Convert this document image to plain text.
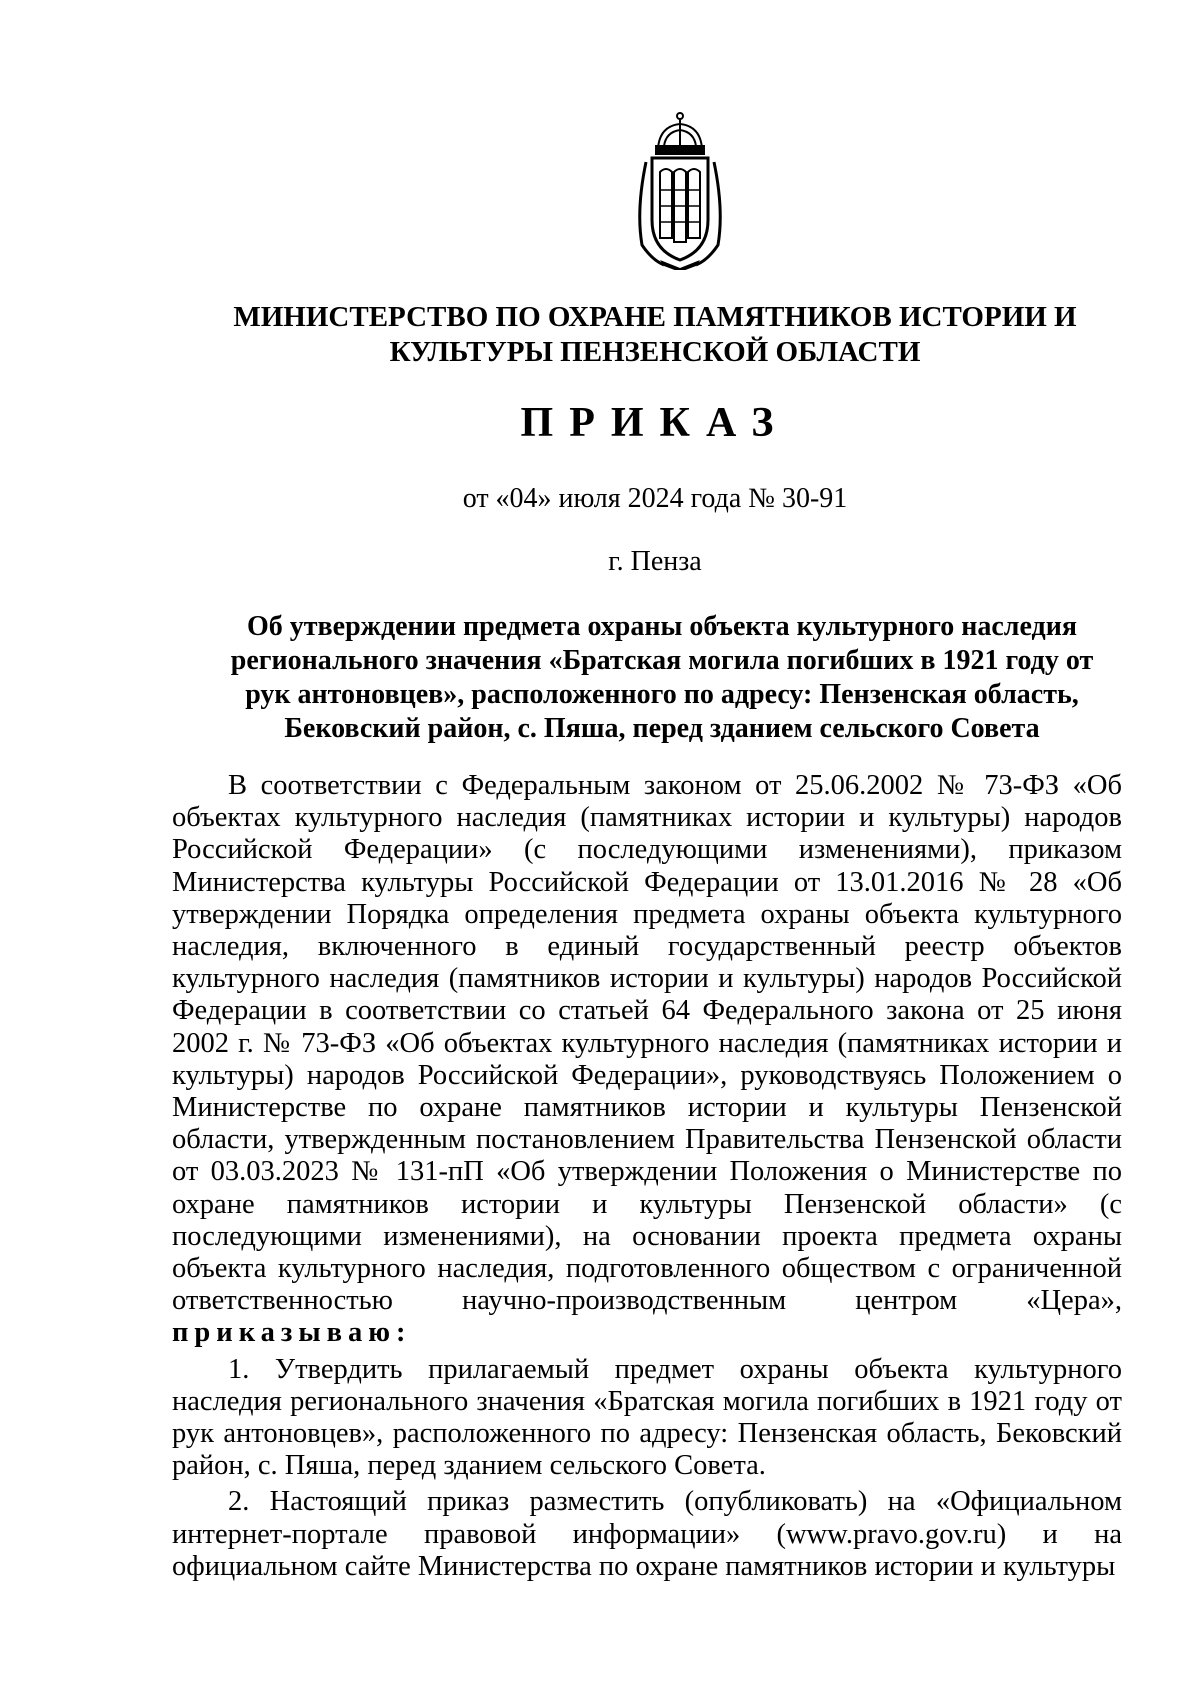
МИНИСТЕРСТВО ПО ОХРАНЕ ПАМЯТНИКОВ ИСТОРИИ И
КУЛЬТУРЫ ПЕНЗЕНСКОЙ ОБЛАСТИ
ПРИКАЗ
от «04» июля 2024 года № 30-91
г. Пенза
Об утверждении предмета охраны объекта культурного наследия регионального значения «Братская могила погибших в 1921 году от рук антоновцев», расположенного по адресу: Пензенская область, Бековский район, с. Пяша, перед зданием сельского Совета

В соответствии с Федеральным законом от 25.06.2002 № 73-ФЗ «Об объектах культурного наследия (памятниках истории и культуры) народов Российской Федерации» (с последующими изменениями), приказом Министерства культуры Российской Федерации от 13.01.2016 № 28 «Об утверждении Порядка определения предмета охраны объекта культурного наследия, включенного в единый государственный реестр объектов культурного наследия (памятников истории и культуры) народов Российской Федерации в соответствии со статьей 64 Федерального закона от 25 июня 2002 г. № 73-ФЗ «Об объектах культурного наследия (памятниках истории и культуры) народов Российской Федерации», руководствуясь Положением о Министерстве по охране памятников истории и культуры Пензенской области, утвержденным постановлением Правительства Пензенской области от 03.03.2023 № 131-пП «Об утверждении Положения о Министерстве по охране памятников истории и культуры Пензенской области» (с последующими изменениями), на основании проекта предмета охраны объекта культурного наследия, подготовленного обществом с ограниченной ответственностью научно-производственным центром «Цера», приказываю:

1. Утвердить прилагаемый предмет охраны объекта культурного наследия регионального значения «Братская могила погибших в 1921 году от рук антоновцев», расположенного по адресу: Пензенская область, Бековский район, с. Пяша, перед зданием сельского Совета.

2. Настоящий приказ разместить (опубликовать) на «Официальном интернет-портале правовой информации» (www.pravo.gov.ru) и на официальном сайте Министерства по охране памятников истории и культуры
